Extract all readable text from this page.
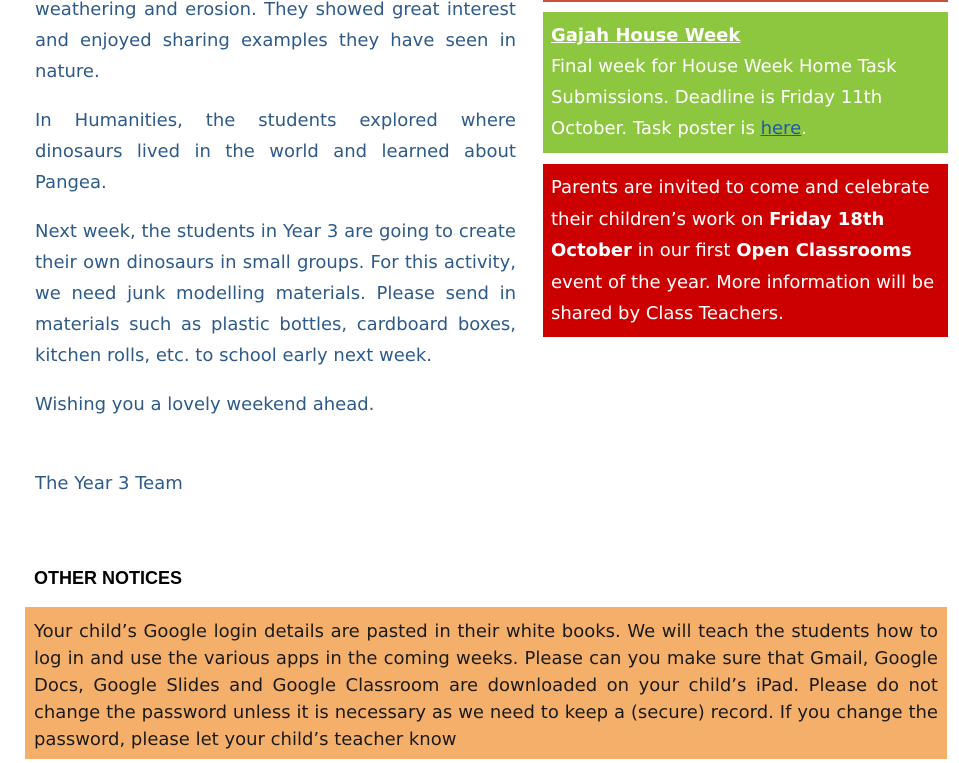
weathering and erosion. They showed great interest and enjoyed sharing examples they have seen in nature.

In Humanities, the students explored where dinosaurs lived in the world and learned about Pangea.

Next week, the students in Year 3 are going to create their own dinosaurs in small groups. For this activity, we need junk modelling materials. Please send in materials such as plastic bottles, cardboard boxes, kitchen rolls, etc. to school early next week.

Wishing you a lovely weekend ahead.

The Year 3 Team

Gajah House Week
Final week for House Week Home Task Submissions. Deadline is Friday 11th October. Task poster is here.
Parents are invited to come and celebrate their children’s work on Friday 18th October in our first Open Classrooms event of the year. More information will be shared by Class Teachers.
OTHER NOTICES
Your child’s Google login details are pasted in their white books. We will teach the students how to log in and use the various apps in the coming weeks. Please can you make sure that Gmail, Google Docs, Google Slides and Google Classroom are downloaded on your child’s iPad. Please do not change the password unless it is necessary as we need to keep a (secure) record. If you change the password, please let your child’s teacher know
